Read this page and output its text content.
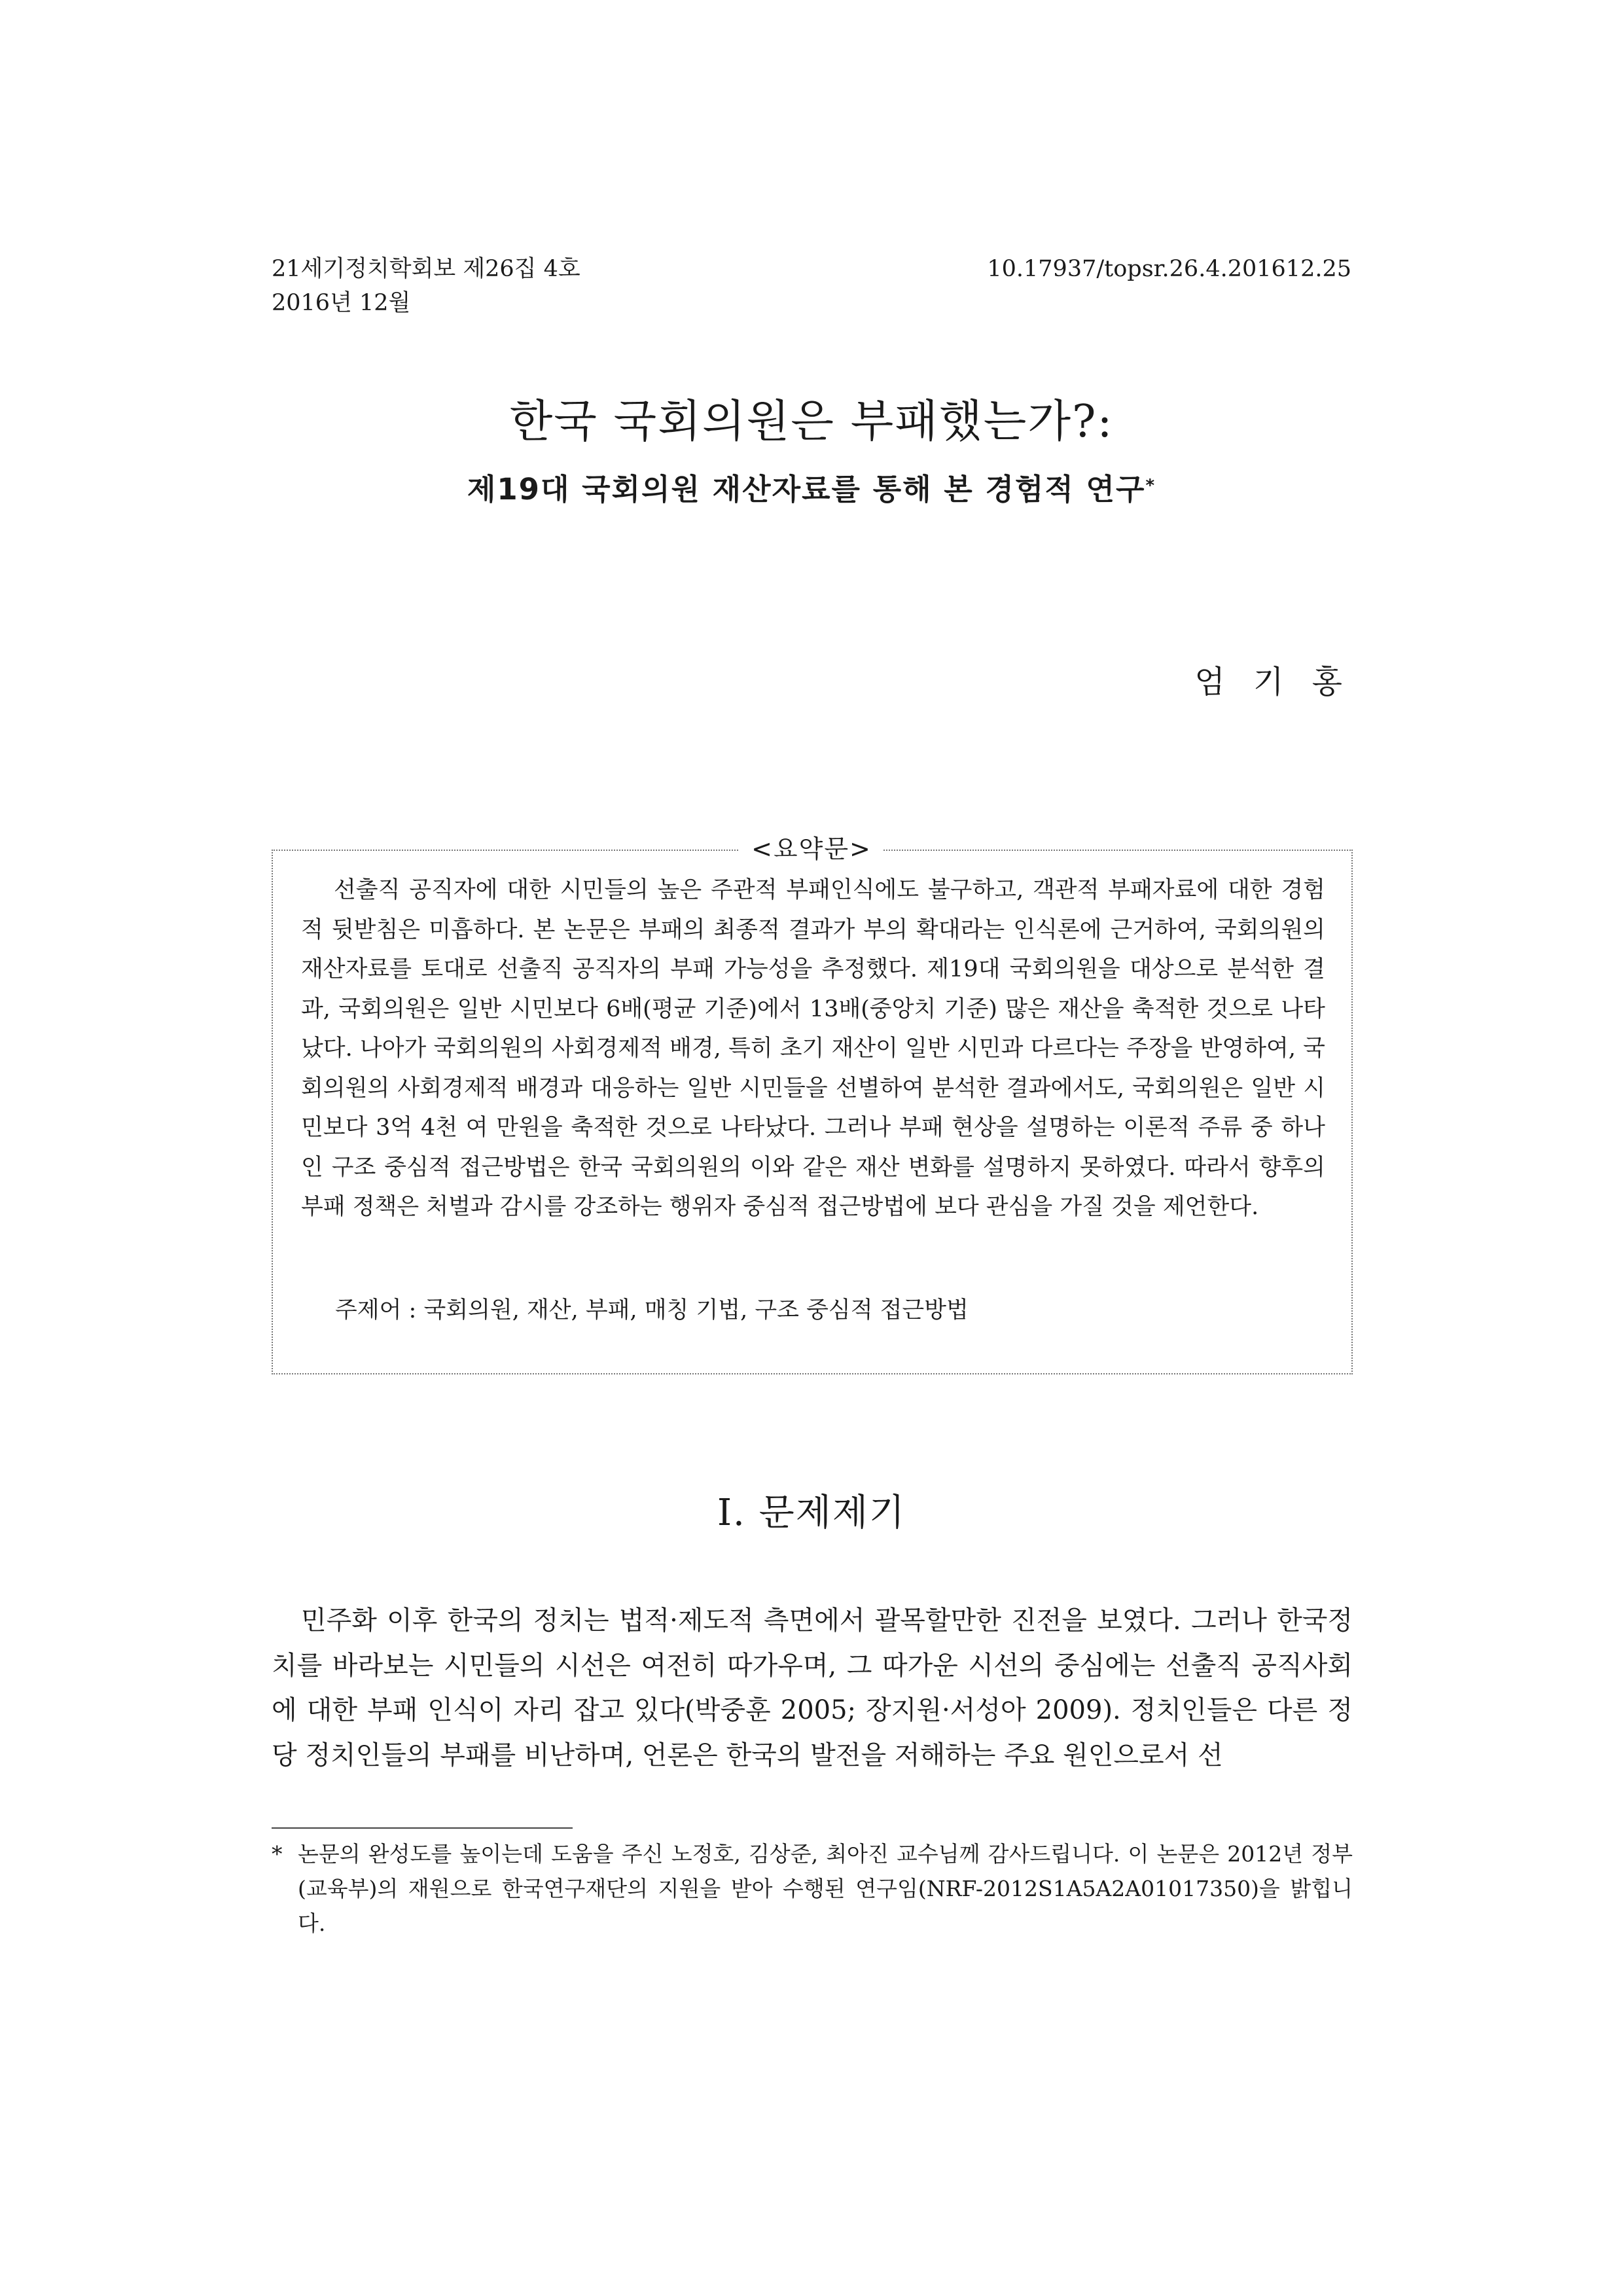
21세기정치학회보 제26집 4호
2016년 12월
10.17937/topsr.26.4.201612.25
한국 국회의원은 부패했는가?:
제19대 국회의원 재산자료를 통해 본 경험적 연구*
엄 기 홍
<요약문>

선출직 공직자에 대한 시민들의 높은 주관적 부패인식에도 불구하고, 객관적 부패자료에 대한 경험적 뒷받침은 미흡하다. 본 논문은 부패의 최종적 결과가 부의 확대라는 인식론에 근거하여, 국회의원의 재산자료를 토대로 선출직 공직자의 부패 가능성을 추정했다. 제19대 국회의원을 대상으로 분석한 결과, 국회의원은 일반 시민보다 6배(평균 기준)에서 13배(중앙치 기준) 많은 재산을 축적한 것으로 나타났다. 나아가 국회의원의 사회경제적 배경, 특히 초기 재산이 일반 시민과 다르다는 주장을 반영하여, 국회의원의 사회경제적 배경과 대응하는 일반 시민들을 선별하여 분석한 결과에서도, 국회의원은 일반 시민보다 3억 4천 여 만원을 축적한 것으로 나타났다. 그러나 부패 현상을 설명하는 이론적 주류 중 하나인 구조 중심적 접근방법은 한국 국회의원의 이와 같은 재산 변화를 설명하지 못하였다. 따라서 향후의 부패 정책은 처벌과 감시를 강조하는 행위자 중심적 접근방법에 보다 관심을 가질 것을 제언한다.

주제어 : 국회의원, 재산, 부패, 매칭 기법, 구조 중심적 접근방법
I. 문제제기

민주화 이후 한국의 정치는 법적·제도적 측면에서 괄목할만한 진전을 보였다. 그러나 한국정치를 바라보는 시민들의 시선은 여전히 따가우며, 그 따가운 시선의 중심에는 선출직 공직사회에 대한 부패 인식이 자리 잡고 있다(박중훈 2005; 장지원·서성아 2009). 정치인들은 다른 정당 정치인들의 부패를 비난하며, 언론은 한국의 발전을 저해하는 주요 원인으로서 선

* 논문의 완성도를 높이는데 도움을 주신 노정호, 김상준, 최아진 교수님께 감사드립니다. 이 논문은 2012년 정부(교육부)의 재원으로 한국연구재단의 지원을 받아 수행된 연구임(NRF-2012S1A5A2A01017350)을 밝힙니다.
